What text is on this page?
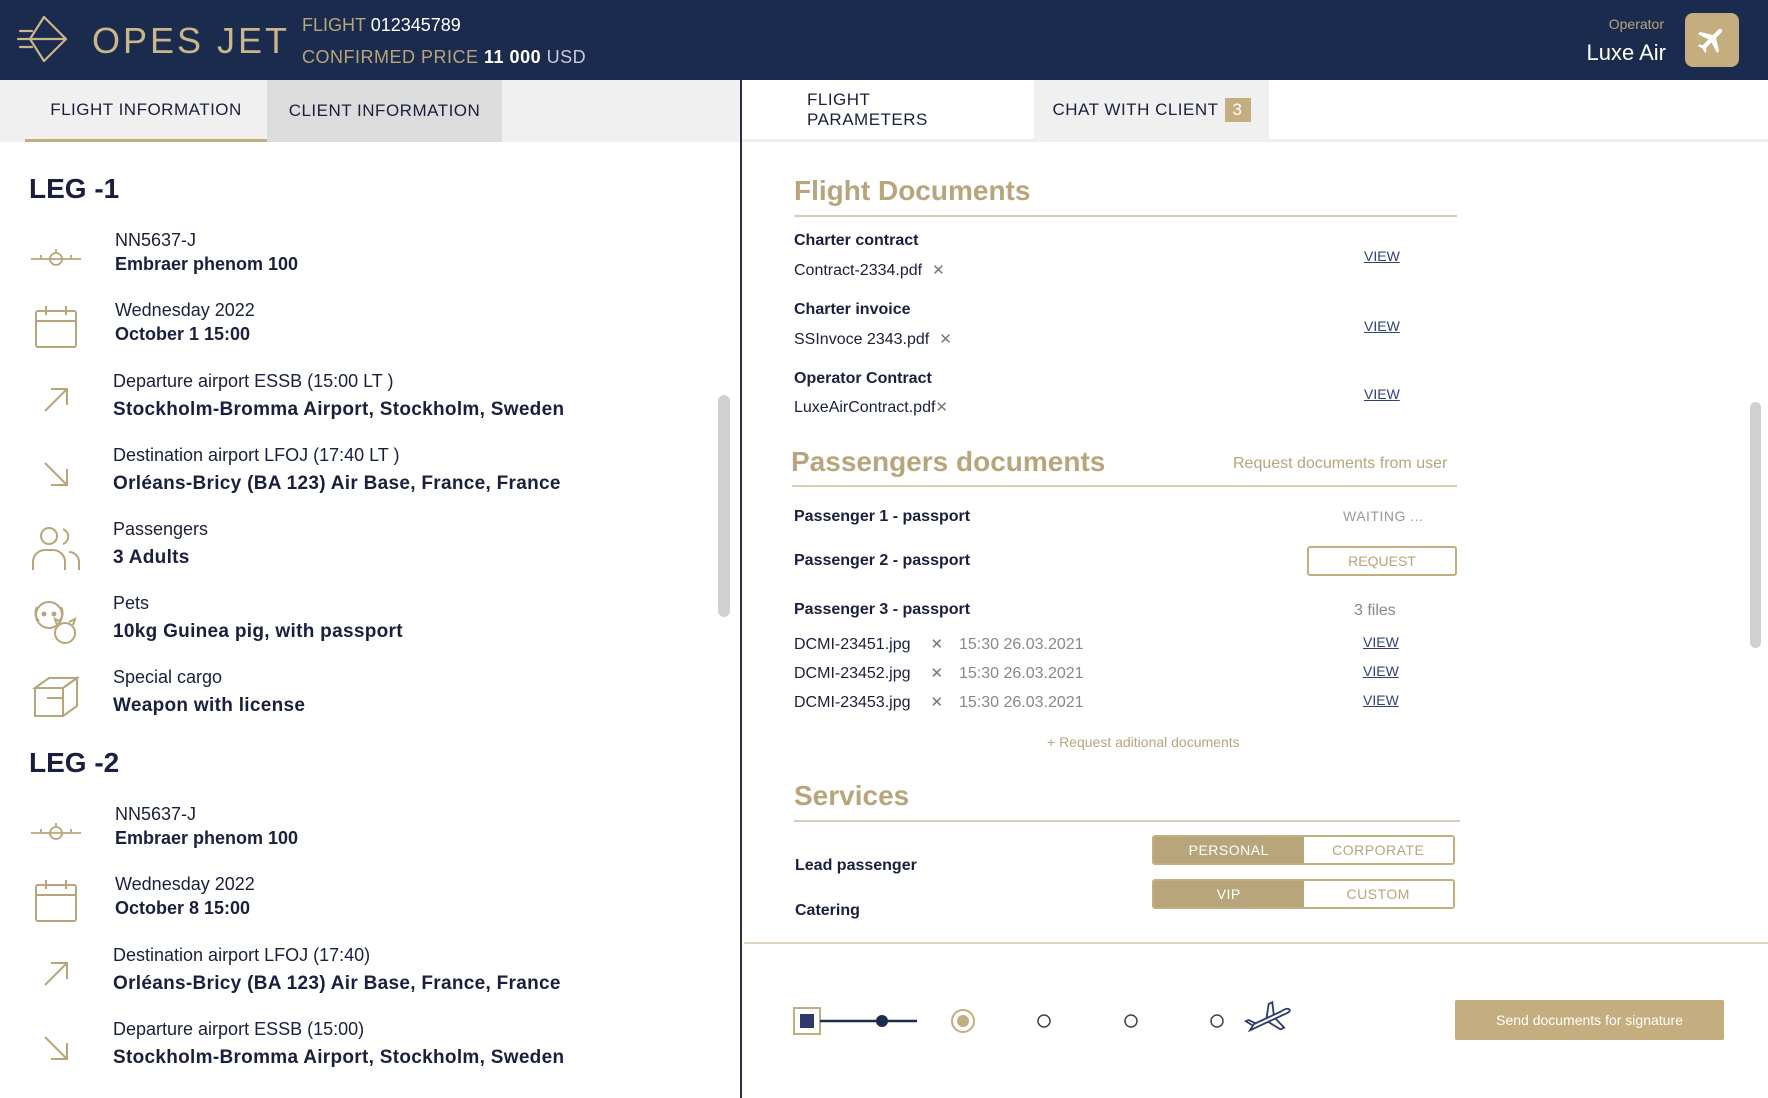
OPES JET FLIGHT 012345789
CONFIRMED PRICE 11 000 USD
Operator
Luxe Air
FLIGHT INFORMATION	CLIENT INFORMATION
LEG -1
NN5637-J
Embraer phenom 100
Wednesday 2022
October 1 15:00
Departure airport ESSB (15:00 LT )
Stockholm-Bromma Airport, Stockholm, Sweden
Destination airport LFOJ (17:40 LT )
Orléans-Bricy (BA 123) Air Base, France, France
Passengers
3 Adults
Pets
10kg Guinea pig, with passport
Special cargo
Weapon with license
LEG -2
NN5637-J
Embraer phenom 100
Wednesday 2022
October 8 15:00
Destination airport LFOJ (17:40)
Orléans-Bricy (BA 123) Air Base, France, France
Departure airport ESSB (15:00)
Stockholm-Bromma Airport, Stockholm, Sweden
FLIGHT PARAMETERS
CHAT WITH CLIENT 3
Flight Documents
Charter contract
Contract-2334.pdf ✕
VIEW
Charter invoice
SSInvoce 2343.pdf ✕
VIEW
Operator Contract
LuxeAirContract.pdf✕
VIEW
Passengers documents	Request documents from user
Passenger 1 - passport	WAITING ...
Passenger 2 - passport	REQUEST
Passenger 3 - passport	3 files
DCMI-23451.jpg ✕ 15:30 26.03.2021	VIEW
DCMI-23452.jpg ✕ 15:30 26.03.2021	VIEW
DCMI-23453.jpg ✕ 15:30 26.03.2021	VIEW
+ Request aditional documents
Services
Lead passenger
PERSONAL	CORPORATE
Catering
VIP	CUSTOM
Send documents for signature
